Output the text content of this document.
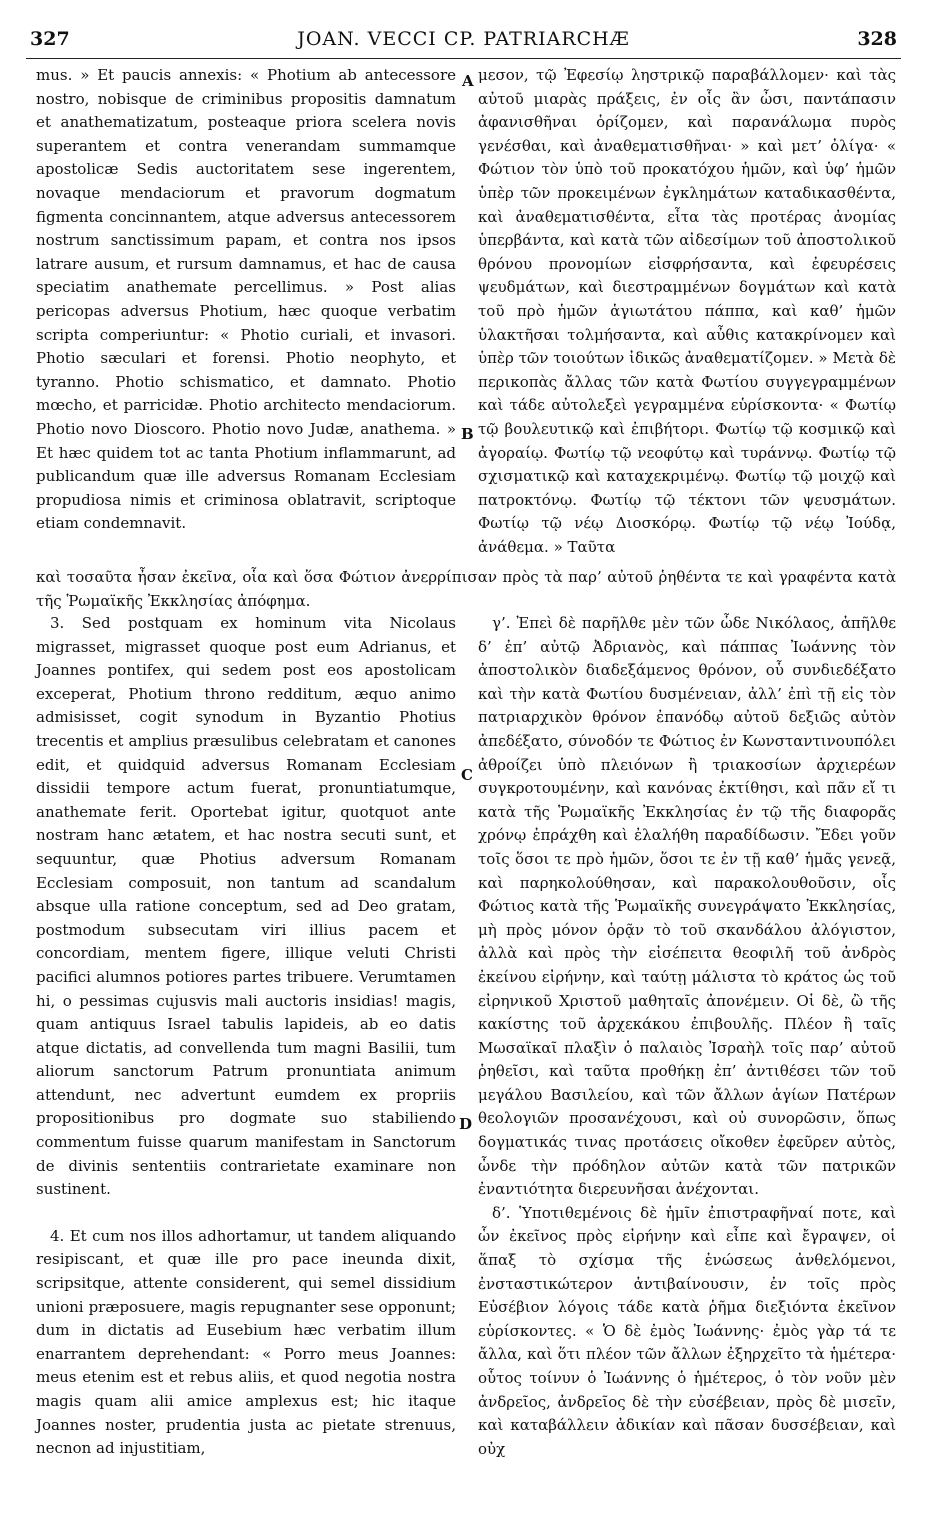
327	JOAN. VECCI CP. PATRIARCHÆ	328
A
B
C
D

mus. » Et paucis annexis: « Photium ab antecessore nostro, nobisque de criminibus propositis damnatum et anathematizatum, posteaque priora scelera novis superantem et contra venerandam summamque apostolicæ Sedis auctoritatem sese ingerentem, novaque mendaciorum et pravorum dogmatum figmenta concinnantem, atque adversus antecessorem nostrum sanctissimum papam, et contra nos ipsos latrare ausum, et rursum damnamus, et hac de causa speciatim anathemate percellimus. » Post alias pericopas adversus Photium, hæc quoque verbatim scripta comperiuntur: « Photio curiali, et invasori. Photio sæculari et forensi. Photio neophyto, et tyranno. Photio schismatico, et damnato. Photio mœcho, et parricidæ. Photio architecto mendaciorum. Photio novo Dioscoro. Photio novo Judæ, anathema. » Et hæc quidem tot ac tanta Photium inflammarunt, ad publicandum quæ ille adversus Romanam Ecclesiam propudiosa nimis et criminosa oblatravit, scriptoque etiam condemnavit.

μεσον, τῷ Ἐφεσίῳ ληστρικῷ παραβάλλομεν· καὶ τὰς αὐτοῦ μιαρὰς πράξεις, ἐν οἷς ἂν ὦσι, παντάπασιν ἀφανισθῆναι ὁρίζομεν, καὶ παρανάλωμα πυρὸς γενέσθαι, καὶ ἀναθεματισθῆναι· » καὶ μετ’ ὀλίγα· « Φώτιον τὸν ὑπὸ τοῦ προκατόχου ἡμῶν, καὶ ὑφ’ ἡμῶν ὑπὲρ τῶν προκειμένων ἐγκλημάτων καταδικασθέντα, καὶ ἀναθεματισθέντα, εἶτα τὰς προτέρας ἀνομίας ὑπερβάντα, καὶ κατὰ τῶν αἰδεσίμων τοῦ ἀποστολικοῦ θρόνου προνομίων εἰσφρήσαντα, καὶ ἐφευρέσεις ψευδμάτων, καὶ διεστραμμένων δογμάτων καὶ κατὰ τοῦ πρὸ ἡμῶν ἁγιωτάτου πάππα, καὶ καθ’ ἡμῶν ὑλακτῆσαι τολμήσαντα, καὶ αὖθις κατακρίνομεν καὶ ὑπὲρ τῶν τοιούτων ἰδικῶς ἀναθεματίζομεν. » Μετὰ δὲ περικοπὰς ἄλλας τῶν κατὰ Φωτίου συγγεγραμμένων καὶ τάδε αὐτολεξεὶ γεγραμμένα εὑρίσκοντα· « Φωτίῳ τῷ βουλευτικῷ καὶ ἐπιβήτορι. Φωτίῳ τῷ κοσμικῷ καὶ ἀγοραίῳ. Φωτίῳ τῷ νεοφύτῳ καὶ τυράννῳ. Φωτίῳ τῷ σχισματικῷ καὶ καταχεκριμένῳ. Φωτίῳ τῷ μοιχῷ καὶ πατροκτόνῳ. Φωτίῳ τῷ τέκτονι τῶν ψευσμάτων. Φωτίῳ τῷ νέῳ Διοσκόρῳ. Φωτίῳ τῷ νέῳ Ἰούδᾳ, ἀνάθεμα. » Ταῦτα

καὶ τοσαῦτα ἦσαν ἐκεῖνα, οἷα καὶ ὅσα Φώτιον ἀνερρίπισαν πρὸς τὰ παρ’ αὐτοῦ ῥηθέντα τε καὶ γραφέντα κατὰ τῆς Ῥωμαϊκῆς Ἐκκλησίας ἀπόφημα.

3. Sed postquam ex hominum vita Nicolaus migrasset, migrasset quoque post eum Adrianus, et Joannes pontifex, qui sedem post eos apostolicam exceperat, Photium throno redditum, æquo animo admisisset, cogit synodum in Byzantio Photius trecentis et amplius præsulibus celebratam et canones edit, et quidquid adversus Romanam Ecclesiam dissidii tempore actum fuerat, pronuntiatumque, anathemate ferit. Oportebat igitur, quotquot ante nostram hanc ætatem, et hac nostra secuti sunt, et sequuntur, quæ Photius adversum Romanam Ecclesiam composuit, non tantum ad scandalum absque ulla ratione conceptum, sed ad Deo gratam, postmodum subsecutam viri illius pacem et concordiam, mentem figere, illique veluti Christi pacifici alumnos potiores partes tribuere. Verumtamen hi, o pessimas cujusvis mali auctoris insidias! magis, quam antiquus Israel tabulis lapideis, ab eo datis atque dictatis, ad convellenda tum magni Basilii, tum aliorum sanctorum Patrum pronuntiata animum attendunt, nec advertunt eumdem ex propriis propositionibus pro dogmate suo stabiliendo commentum fuisse quarum manifestam in Sanctorum de divinis sententiis contrarietate examinare non sustinent.

4. Et cum nos illos adhortamur, ut tandem aliquando resipiscant, et quæ ille pro pace ineunda dixit, scripsitque, attente considerent, qui semel dissidium unioni præposuere, magis repugnanter sese opponunt; dum in dictatis ad Eusebium hæc verbatim illum enarrantem deprehendant: « Porro meus Joannes: meus etenim est et rebus aliis, et quod negotia nostra magis quam alii amice amplexus est; hic itaque Joannes noster, prudentia justa ac pietate strenuus, necnon ad injustitiam,

γ’. Ἐπεὶ δὲ παρῆλθε μὲν τῶν ὧδε Νικόλαος, ἀπῆλθε δ’ ἐπ’ αὐτῷ Ἀδριανὸς, καὶ πάππας Ἰωάννης τὸν ἀποστολικὸν διαδεξάμενος θρόνον, οὗ συνδιεδέξατο καὶ τὴν κατὰ Φωτίου δυσμένειαν, ἀλλ’ ἐπὶ τῇ εἰς τὸν πατριαρχικὸν θρόνον ἐπανόδῳ αὐτοῦ δεξιῶς αὐτὸν ἀπεδέξατο, σύνοδόν τε Φώτιος ἐν Κωνσταντινουπόλει ἀθροίζει ὑπὸ πλειόνων ἢ τριακοσίων ἀρχιερέων συγκροτουμένην, καὶ κανόνας ἐκτίθησι, καὶ πᾶν εἴ τι κατὰ τῆς Ῥωμαϊκῆς Ἐκκλησίας ἐν τῷ τῆς διαφορᾶς χρόνῳ ἐπράχθη καὶ ἐλαλήθη παραδίδωσιν. Ἔδει γοῦν τοῖς ὅσοι τε πρὸ ἡμῶν, ὅσοι τε ἐν τῇ καθ’ ἡμᾶς γενεᾷ, καὶ παρηκολούθησαν, καὶ παρακολουθοῦσιν, οἷς Φώτιος κατὰ τῆς Ῥωμαϊκῆς συνεγράψατο Ἐκκλησίας, μὴ πρὸς μόνον ὁρᾷν τὸ τοῦ σκανδάλου ἀλόγιστον, ἀλλὰ καὶ πρὸς τὴν εἰσέπειτα θεοφιλῆ τοῦ ἀνδρὸς ἐκείνου εἰρήνην, καὶ ταύτῃ μάλιστα τὸ κράτος ὡς τοῦ εἰρηνικοῦ Χριστοῦ μαθηταῖς ἀπονέμειν. Οἱ δὲ, ὢ τῆς κακίστης τοῦ ἀρχεκάκου ἐπιβουλῆς. Πλέον ἢ ταῖς Μωσαϊκαῖ πλαξὶν ὁ παλαιὸς Ἰσραὴλ τοῖς παρ’ αὐτοῦ ῥηθεῖσι, καὶ ταῦτα προθήκῃ ἐπ’ ἀντιθέσει τῶν τοῦ μεγάλου Βασιλείου, καὶ τῶν ἄλλων ἁγίων Πατέρων θεολογιῶν προσανέχουσι, καὶ οὐ συνορῶσιν, ὅπως δογματικάς τινας προτάσεις οἴκοθεν ἐφεῦρεν αὐτὸς, ὧνδε τὴν πρόδηλον αὐτῶν κατὰ τῶν πατρικῶν ἐναντιότητα διερευνῆσαι ἀνέχονται.

δ’. Ὑποτιθεμένοις δὲ ἡμῖν ἐπιστραφῆναί ποτε, καὶ ὧν ἐκεῖνος πρὸς εἰρήνην καὶ εἶπε καὶ ἔγραψεν, οἱ ἅπαξ τὸ σχίσμα τῆς ἑνώσεως ἀνθελόμενοι, ἐνσταστικώτερον ἀντιβαίνουσιν, ἐν τοῖς πρὸς Εὐσέβιον λόγοις τάδε κατὰ ῥῆμα διεξιόντα ἐκεῖνον εὑρίσκοντες. « Ὁ δὲ ἐμὸς Ἰωάννης· ἐμὸς γὰρ τά τε ἄλλα, καὶ ὅτι πλέον τῶν ἄλλων ἐξηρχεῖτο τὰ ἡμέτερα· οὗτος τοίνυν ὁ Ἰωάννης ὁ ἡμέτερος, ὁ τὸν νοῦν μὲν ἀνδρεῖος, ἀνδρεῖος δὲ τὴν εὐσέβειαν, πρὸς δὲ μισεῖν, καὶ καταβάλλειν ἀδικίαν καὶ πᾶσαν δυσσέβειαν, καὶ οὐχ
